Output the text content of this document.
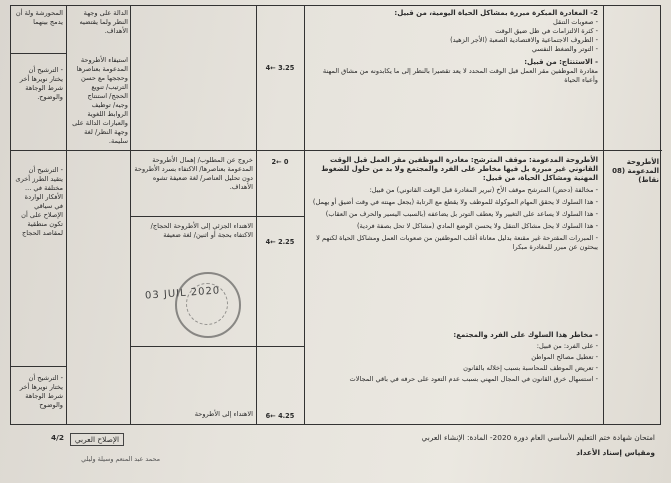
المحورشة ولة أن يدمج بينهما
- الترشيح أن يختار نويرها أخر شرط الوجاهة والوضوح.
- الترشيح أن يتقيد الطرز أخرى مختلفة في ... الأفكار الواردة في سياقي الإصلاح على أن تكون منطقية لمقاصد الحجاج
- الترشيح أن يختار نويرها أخر شرط الوجاهة والوضوح
الدالة على وجهة النظر ولما يقتضيه الأهداف.
استيفاء الأطروحة المدعومة بعناصرها وحججها مع حسن الترتيب/ تنويع الحجج/ استنتاج وجيه/ توظيف الروابط اللغوية والعبارات الدالة على وجهة النظر/ لغة سليمة.
خروج عن المطلوب/ إهمال الأطروحة المدعومة بعناصرها/ الاكتفاء بسرد الأطروحة دون تحليل العناصر/ لغة ضعيفة تشوه الأهداف.
الاهتداء الجزئي إلى الأطروحة الحجاج/ الاكتفاء بحجة أو اثنين/ لغة ضعيفة
الاهتداء إلى الأطروحة
4← 3.25
2← 0
4← 2.25
6← 4.25
2- المغادرة المبكرة مبررة بمشاكل الحياة اليومية، من قبيل:
- صعوبات التنقل
- كثرة الالتزامات في ظل ضيق الوقت
- الظروف الاجتماعية والاقتصادية الصعبة (الأجر الزهيد)
- التوتر والضغط النفسي
- الاستنتاج: من قبيل:
مغادرة الموظفين مقر العمل قبل الوقت المحدد لا يعد تقصيرا بالنظر إلى ما يكابدونه من مشاق المهنة وأعباء الحياة
الأطروحة المدعومة (08 نقاط)
الأطروحة المدعومة: موقف المترشح: مغادرة الموظفين مقر العمل قبل الوقت القانوني غير مبررة بل فيها مخاطر على الفرد والمجتمع ولا بد من حلول للضغوط المهنية ومشاكل الحياة، من قبيل:
- مخالفة (دحض) المترشح موقف الأخ (تبرير المغادرة قبل الوقت القانوني) من قبيل:
- هذا السلوك لا يحقق المهام الموكولة للموظف ولا يقطع مع الرتابة (يجعل مهنته في وقت أضيق أو يهمل)
- هذا السلوك لا يساعد على التغيير ولا يعطف التوتر بل يضاعفه (بالسبب اليسير والحرف من العقاب)
- هذا السلوك لا يحل مشاكل التنقل ولا يحسن الوضع المادي (مشاكل لا تحل بصفة فردية)
- المبررات المقترحة غير مقنعة بدليل معاناة أغلب الموظفين من صعوبات العمل ومشاكل الحياة لكنهم لا يبحثون عن مبرر للمغادرة مبكرا
- مخاطر هذا السلوك على الفرد والمجتمع:
- على الفرد: من قبيل:
- تعطيل مصالح المواطن
- تعريض الموظف للمحاسبة بسبب إخلاله بالقانون
- استسهال خرق القانون في المجال المهني بسبب عدم التعود على حرفه في باقي المجالات
03 JUIL 2020
امتحان شهادة ختم التعليم الأساسي العام دورة 2020- المادة: الإنشاء العربي
ومقياس إسناد الأعداد
4/2	الإصلاح العربي
محمد عبد المنعم وسيلة وليلي
